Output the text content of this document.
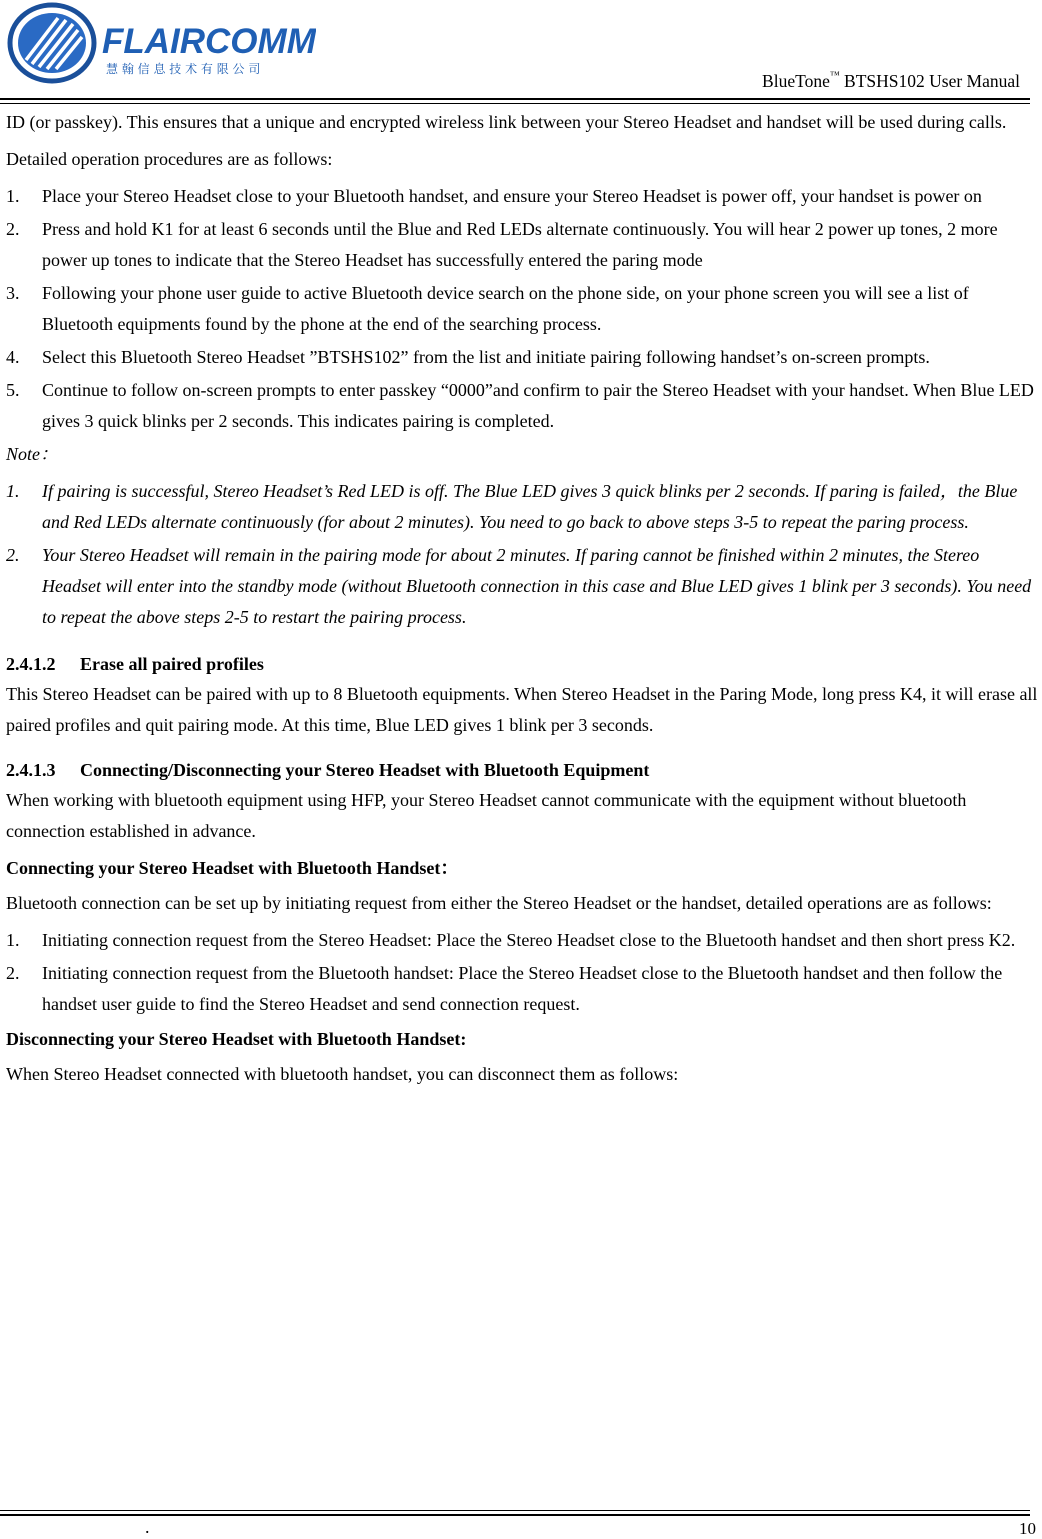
FLAIRCOMM
慧 翰 信 息 技 术 有 限 公 司
BlueTone™ BTSHS102 User Manual

ID (or passkey). This ensures that a unique and encrypted wireless link between your Stereo Headset and handset will be used during calls.

Detailed operation procedures are as follows:

1. Place your Stereo Headset close to your Bluetooth handset, and ensure your Stereo Headset is power off, your handset is power on
2. Press and hold K1 for at least 6 seconds until the Blue and Red LEDs alternate continuously. You will hear 2 power up tones, 2 more power up tones to indicate that the Stereo Headset has successfully entered the paring mode
3. Following your phone user guide to active Bluetooth device search on the phone side, on your phone screen you will see a list of Bluetooth equipments found by the phone at the end of the searching process.
4. Select this Bluetooth Stereo Headset ”BTSHS102” from the list and initiate pairing following handset’s on-screen prompts.
5. Continue to follow on-screen prompts to enter passkey “0000”and confirm to pair the Stereo Headset with your handset. When Blue LED gives 3 quick blinks per 2 seconds. This indicates pairing is completed.

Note：

1. If pairing is successful, Stereo Headset’s Red LED is off. The Blue LED gives 3 quick blinks per 2 seconds. If paring is failed，the Blue and Red LEDs alternate continuously (for about 2 minutes). You need to go back to above steps 3-5 to repeat the paring process.
2. Your Stereo Headset will remain in the pairing mode for about 2 minutes. If paring cannot be finished within 2 minutes, the Stereo Headset will enter into the standby mode (without Bluetooth connection in this case and Blue LED gives 1 blink per 3 seconds). You need to repeat the above steps 2-5 to restart the pairing process.
2.4.1.2 Erase all paired profiles

This Stereo Headset can be paired with up to 8 Bluetooth equipments. When Stereo Headset in the Paring Mode, long press K4, it will erase all paired profiles and quit pairing mode. At this time, Blue LED gives 1 blink per 3 seconds.

2.4.1.3 Connecting/Disconnecting your Stereo Headset with Bluetooth Equipment

When working with bluetooth equipment using HFP, your Stereo Headset cannot communicate with the equipment without bluetooth connection established in advance.

Connecting your Stereo Headset with Bluetooth Handset：

Bluetooth connection can be set up by initiating request from either the Stereo Headset or the handset, detailed operations are as follows:

1. Initiating connection request from the Stereo Headset: Place the Stereo Headset close to the Bluetooth handset and then short press K2.
2. Initiating connection request from the Bluetooth handset: Place the Stereo Headset close to the Bluetooth handset and then follow the handset user guide to find the Stereo Headset and send connection request.

Disconnecting your Stereo Headset with Bluetooth Handset:

When Stereo Headset connected with bluetooth handset, you can disconnect them as follows:

.	10
